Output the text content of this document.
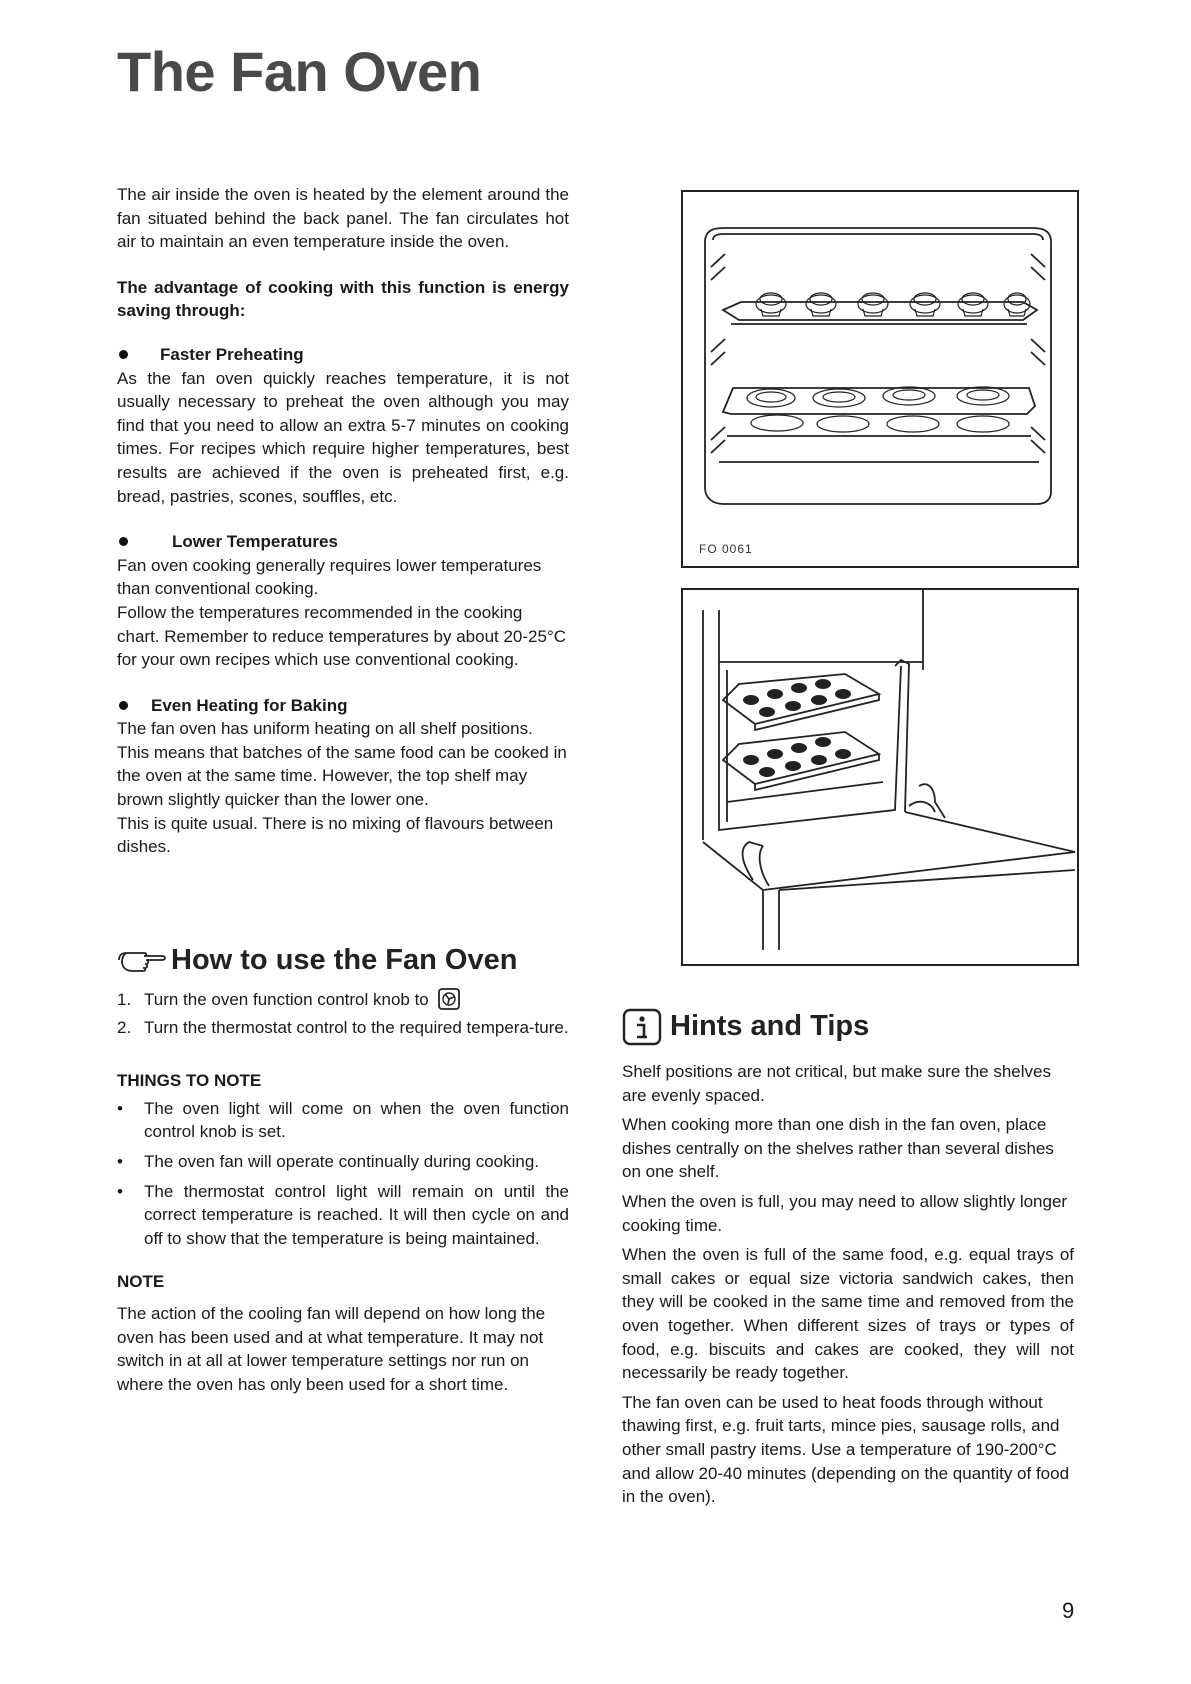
The Fan Oven

The air inside the oven is heated by the element around the fan situated behind the back panel. The fan circulates hot air to maintain an even temperature inside the oven.

The advantage of cooking with this function is energy saving through:

Faster Preheating

As the fan oven quickly reaches temperature, it is not usually necessary to preheat the oven although you may find that you need to allow an extra 5-7 minutes on cooking times. For recipes which require higher temperatures, best results are achieved if the oven is preheated first, e.g. bread, pastries, scones, souffles, etc.

Lower Temperatures

Fan oven cooking generally requires lower temperatures than conventional cooking.

Follow the temperatures recommended in the cooking chart. Remember to reduce temperatures by about 20-25°C for your own recipes which use conventional cooking.

Even Heating for Baking

The fan oven has uniform heating on all shelf positions. This means that batches of the same food can be cooked in the oven at the same time. However, the top shelf may brown slightly quicker than the lower one.

This is quite usual. There is no mixing of flavours between dishes.

How to use the Fan Oven
1. Turn the oven function control knob to
2. Turn the thermostat control to the required tempera-ture.

THINGS TO NOTE

•	The oven light will come on when the oven function control knob is set.
•	The oven fan will operate continually during cooking.
•	The thermostat control light will remain on until the correct temperature is reached. It will then cycle on and off to show that the temperature is being maintained.

NOTE

The action of the cooling fan will depend on how long the oven has been used and at what temperature. It may not switch in at all at lower temperature settings nor run on where the oven has only been used for a short time.

FO 0061
Hints and Tips

Shelf positions are not critical, but make sure the shelves are evenly spaced.

When cooking more than one dish in the fan oven, place dishes centrally on the shelves rather than several dishes on one shelf.

When the oven is full, you may need to allow slightly longer cooking time.

When the oven is full of the same food, e.g. equal trays of small cakes or equal size victoria sandwich cakes, then they will be cooked in the same time and removed from the oven together. When different sizes of trays or types of food, e.g. biscuits and cakes are cooked, they will not necessarily be ready together.

The fan oven can be used to heat foods through without thawing first, e.g. fruit tarts, mince pies, sausage rolls, and other small pastry items. Use a temperature of 190-200°C and allow 20-40 minutes (depending on the quantity of food in the oven).

9
